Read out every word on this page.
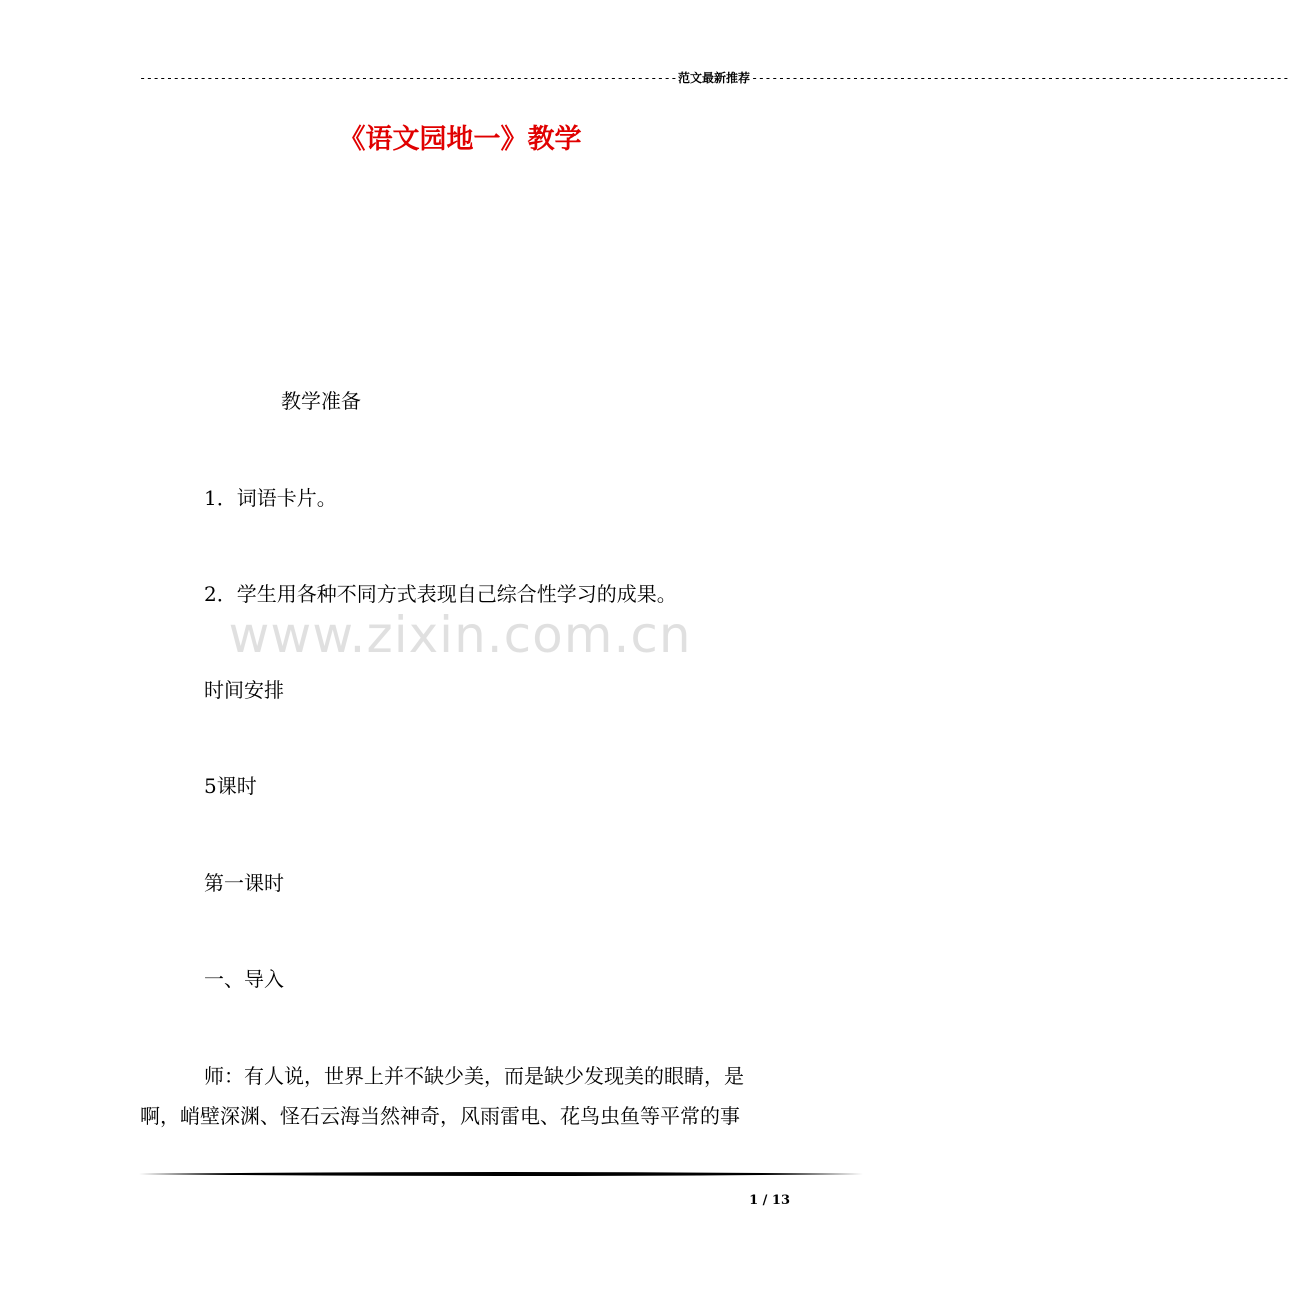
-------------------------------------------------------------------------------- 范文最新推荐 --------------------------------------------------------------------------------
《语文园地一》教学
教学准备
1．词语卡片。
2．学生用各种不同方式表现自己综合性学习的成果。
www.zixin.com.cn
时间安排
5课时
第一课时
一、导入
师：有人说，世界上并不缺少美，而是缺少发现美的眼睛，是
啊，峭壁深渊、怪石云海当然神奇，风雨雷电、花鸟虫鱼等平常的事
1 / 13
